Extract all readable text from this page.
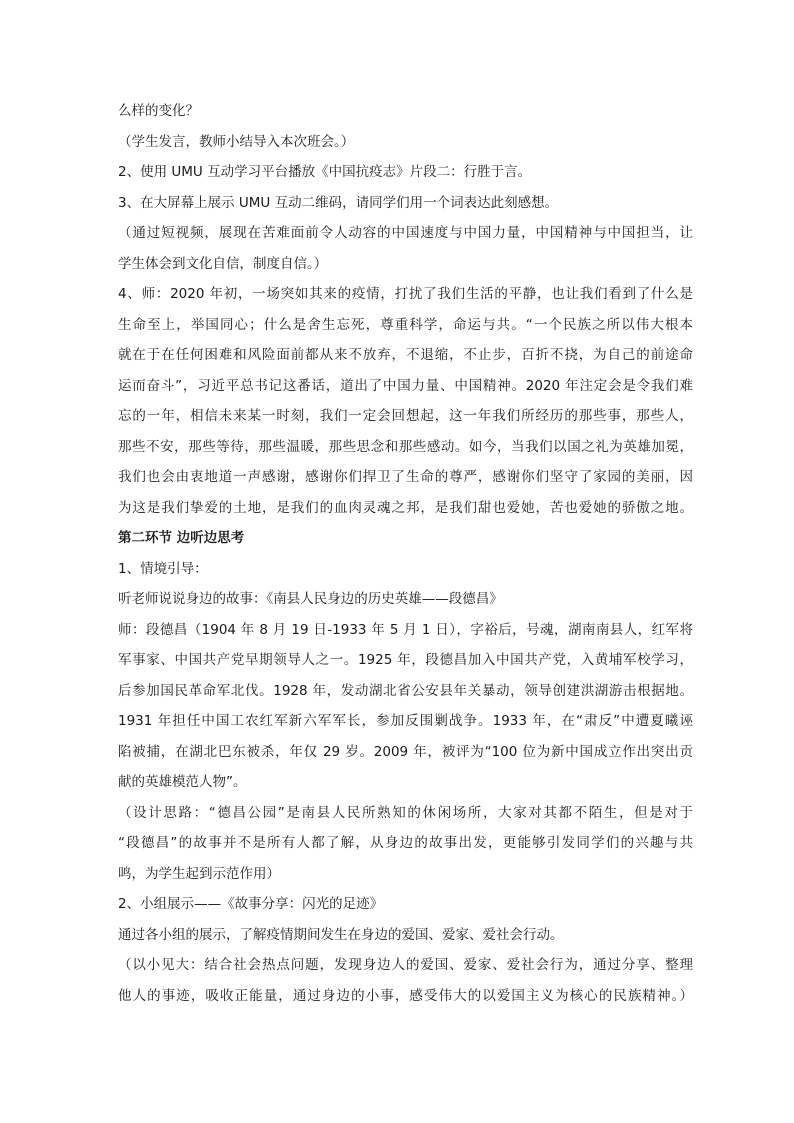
么样的变化？
（学生发言，教师小结导入本次班会。）
2、使用 UMU 互动学习平台播放《中国抗疫志》片段二：行胜于言。
3、在大屏幕上展示 UMU 互动二维码，请同学们用一个词表达此刻感想。
（通过短视频，展现在苦难面前令人动容的中国速度与中国力量，中国精神与中国担当，让
学生体会到文化自信，制度自信。）
4、师：2020 年初，一场突如其来的疫情，打扰了我们生活的平静，也让我们看到了什么是
生命至上，举国同心；什么是舍生忘死，尊重科学，命运与共。“一个民族之所以伟大根本
就在于在任何困难和风险面前都从来不放弃，不退缩，不止步，百折不挠，为自己的前途命
运而奋斗”，习近平总书记这番话，道出了中国力量、中国精神。2020 年注定会是令我们难
忘的一年，相信未来某一时刻，我们一定会回想起，这一年我们所经历的那些事，那些人，
那些不安，那些等待，那些温暖，那些思念和那些感动。如今，当我们以国之礼为英雄加冕，
我们也会由衷地道一声感谢，感谢你们捍卫了生命的尊严，感谢你们坚守了家园的美丽，因
为这是我们挚爱的土地，是我们的血肉灵魂之邦，是我们甜也爱她，苦也爱她的骄傲之地。
第二环节 边听边思考
1、情境引导：
听老师说说身边的故事：《南县人民身边的历史英雄——段德昌》
师：段德昌（1904 年 8 月 19 日-1933 年 5 月 1 日），字裕后，号魂，湖南南县人，红军将
军事家、中国共产党早期领导人之一。1925 年，段德昌加入中国共产党，入黄埔军校学习，
后参加国民革命军北伐。1928 年，发动湖北省公安县年关暴动，领导创建洪湖游击根据地。
1931 年担任中国工农红军新六军军长，参加反围剿战争。1933 年，在“肃反”中遭夏曦诬
陷被捕，在湖北巴东被杀，年仅 29 岁。2009 年，被评为“100 位为新中国成立作出突出贡
献的英雄模范人物”。
（设计思路：“德昌公园”是南县人民所熟知的休闲场所，大家对其都不陌生，但是对于
“段德昌”的故事并不是所有人都了解，从身边的故事出发，更能够引发同学们的兴趣与共
鸣，为学生起到示范作用）
2、小组展示——《故事分享：闪光的足迹》
通过各小组的展示，了解疫情期间发生在身边的爱国、爱家、爱社会行动。
（以小见大：结合社会热点问题，发现身边人的爱国、爱家、爱社会行为，通过分享、整理
他人的事迹，吸收正能量，通过身边的小事，感受伟大的以爱国主义为核心的民族精神。）
